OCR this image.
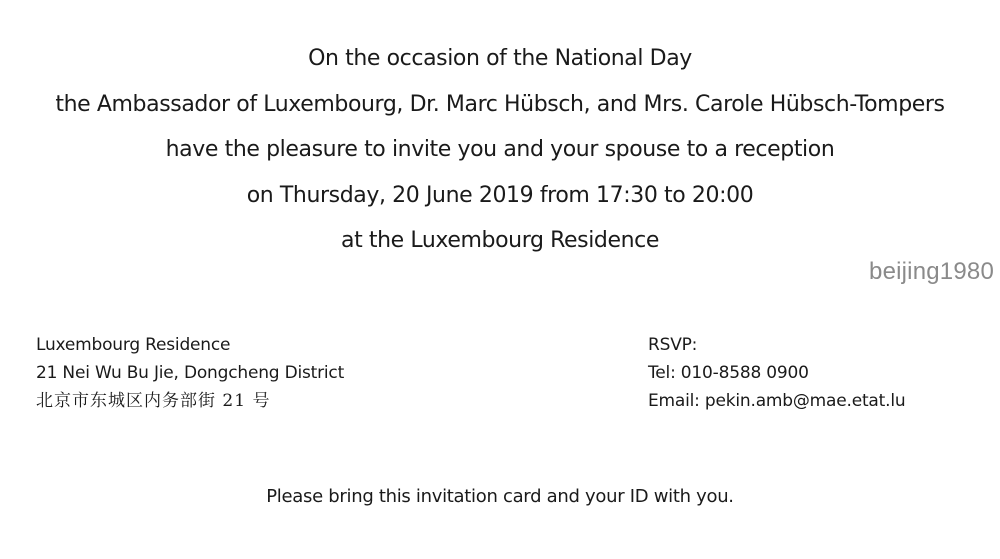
On the occasion of the National Day
the Ambassador of Luxembourg, Dr. Marc Hübsch, and Mrs. Carole Hübsch-Tompers
have the pleasure to invite you and your spouse to a reception
on Thursday, 20 June 2019 from 17:30 to 20:00
at the Luxembourg Residence
beijing1980
Luxembourg Residence
21 Nei Wu Bu Jie, Dongcheng District
北京市东城区内务部街 21 号
RSVP:
Tel: 010-8588 0900
Email: pekin.amb@mae.etat.lu
Please bring this invitation card and your ID with you.
